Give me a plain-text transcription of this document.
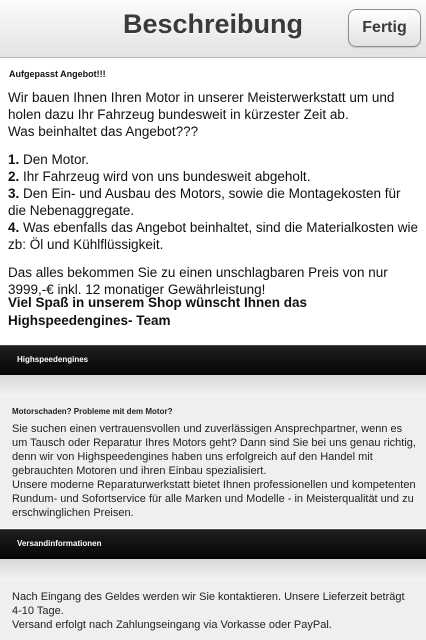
Beschreibung	Fertig
Aufgepasst Angebot!!!

Wir bauen Ihnen Ihren Motor in unserer Meisterwerkstatt um und holen dazu Ihr Fahrzeug bundesweit in kürzester Zeit ab.

Was beinhaltet das Angebot???

1. Den Motor.

2. Ihr Fahrzeug wird von uns bundesweit abgeholt.

3. Den Ein- und Ausbau des Motors, sowie die Montagekosten für die Nebenaggregate.

4. Was ebenfalls das Angebot beinhaltet, sind die Materialkosten wie zb: Öl und Kühlflüssigkeit.

Das alles bekommen Sie zu einen unschlagbaren Preis von nur 3999,-€ inkl. 12 monatiger Gewährleistung!

Viel Spaß in unserem Shop wünscht Ihnen das Highspeedengines- Team
Highspeedengines
Motorschaden? Probleme mit dem Motor?

Sie suchen einen vertrauensvollen und zuverlässigen Ansprechpartner, wenn es um Tausch oder Reparatur Ihres Motors geht? Dann sind Sie bei uns genau richtig, denn wir von Highspeedengines haben uns erfolgreich auf den Handel mit gebrauchten Motoren und ihren Einbau spezialisiert.

Unsere moderne Reparaturwerkstatt bietet Ihnen professionellen und kompetenten Rundum- und Sofortservice für alle Marken und Modelle - in Meisterqualität und zu erschwinglichen Preisen.

Versandinformationen

Nach Eingang des Geldes werden wir Sie kontaktieren. Unsere Lieferzeit beträgt 4-10 Tage.

Versand erfolgt nach Zahlungseingang via Vorkasse oder PayPal.
